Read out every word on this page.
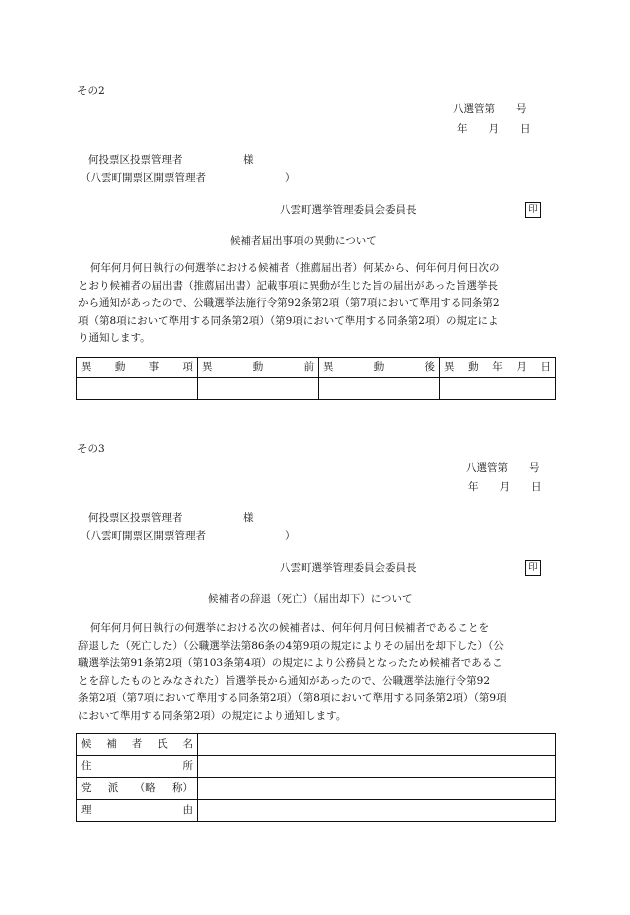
その2
八選管第　　号
年　　月　　日
何投票区投票管理者	様
（八雲町開票区開票管理者	）
八雲町選挙管理委員会委員長	印
候補者届出事項の異動について
何年何月何日執行の何選挙における候補者（推薦届出者）何某から、何年何月何日次の
とおり候補者の届出書（推薦届出書）記載事項に異動が生じた旨の届出があった旨選挙長
から通知があったので、公職選挙法施行令第92条第2項（第7項において準用する同条第2
項（第8項において準用する同条第2項）（第9項において準用する同条第2項）の規定によ
り通知します。
異 動 事 項	異 動 前	異 動 後	異 動 年 月 日

その3
八選管第　　号
年　　月　　日
何投票区投票管理者	様
（八雲町開票区開票管理者	）
八雲町選挙管理委員会委員長	印
候補者の辞退（死亡）（届出却下）について
何年何月何日執行の何選挙における次の候補者は、何年何月何日候補者であることを
辞退した（死亡した）（公職選挙法第86条の4第9項の規定によりその届出を却下した）（公
職選挙法第91条第2項（第103条第4項）の規定により公務員となったため候補者であるこ
とを辞したものとみなされた）旨選挙長から通知があったので、公職選挙法施行令第92
条第2項（第7項において準用する同条第2項）（第8項において準用する同条第2項）（第9項
において準用する同条第2項）の規定により通知します。
候 補 者 氏 名	

住 所	

党 派 （略 称）	

理 由	
